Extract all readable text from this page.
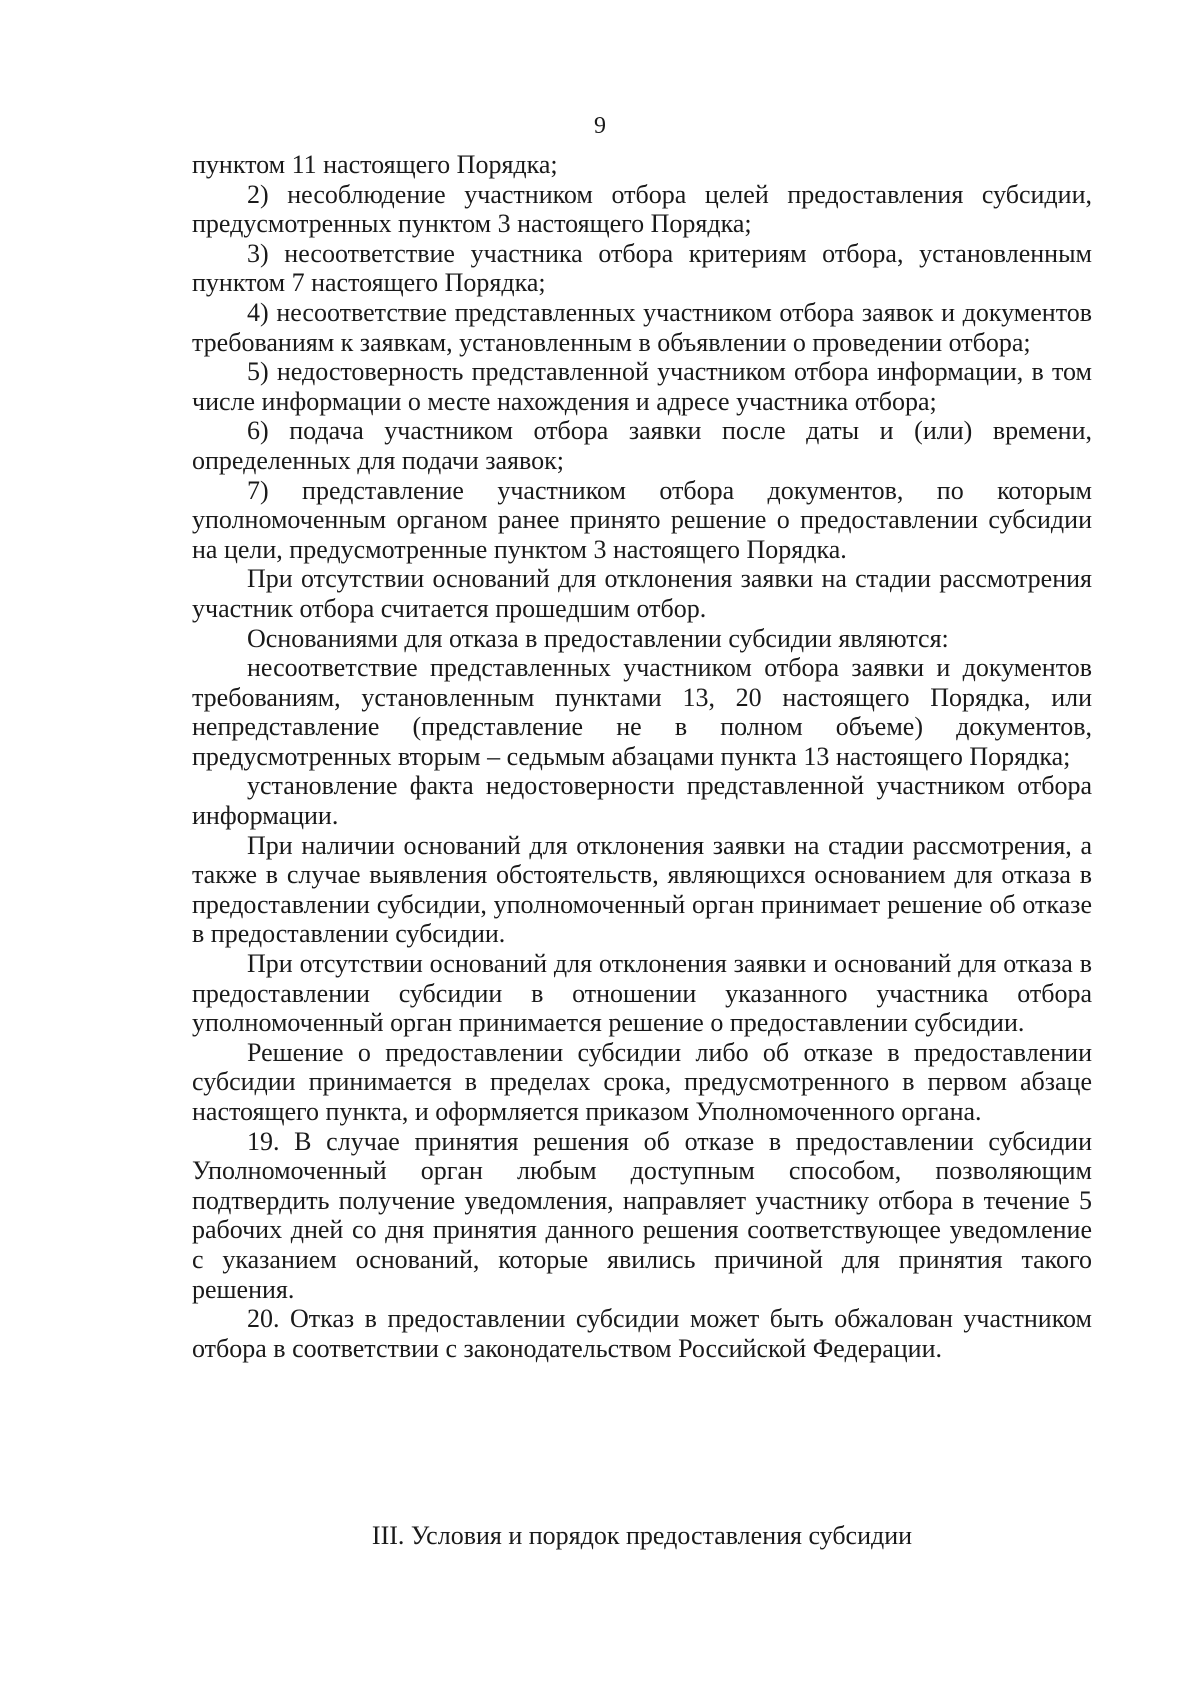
9

пунктом 11 настоящего Порядка;

2) несоблюдение участником отбора целей предоставления субсидии, предусмотренных пунктом 3 настоящего Порядка;

3) несоответствие участника отбора критериям отбора, установленным пунктом 7 настоящего Порядка;

4) несоответствие представленных участником отбора заявок и документов требованиям к заявкам, установленным в объявлении о проведении отбора;

5) недостоверность представленной участником отбора информации, в том числе информации о месте нахождения и адресе участника отбора;

6) подача участником отбора заявки после даты и (или) времени, определенных для подачи заявок;

7) представление участником отбора документов, по которым уполномоченным органом ранее принято решение о предоставлении субсидии на цели, предусмотренные пунктом 3 настоящего Порядка.

При отсутствии оснований для отклонения заявки на стадии рассмотрения участник отбора считается прошедшим отбор.

Основаниями для отказа в предоставлении субсидии являются:

несоответствие представленных участником отбора заявки и документов требованиям, установленным пунктами 13, 20 настоящего Порядка, или непредставление (представление не в полном объеме) документов, предусмотренных вторым – седьмым абзацами пункта 13 настоящего Порядка;

установление факта недостоверности представленной участником отбора информации.

При наличии оснований для отклонения заявки на стадии рассмотрения, а также в случае выявления обстоятельств, являющихся основанием для отказа в предоставлении субсидии, уполномоченный орган принимает решение об отказе в предоставлении субсидии.

При отсутствии оснований для отклонения заявки и оснований для отказа в предоставлении субсидии в отношении указанного участника отбора уполномоченный орган принимается решение о предоставлении субсидии.

Решение о предоставлении субсидии либо об отказе в предоставлении субсидии принимается в пределах срока, предусмотренного в первом абзаце настоящего пункта, и оформляется приказом Уполномоченного органа.

19. В случае принятия решения об отказе в предоставлении субсидии Уполномоченный орган любым доступным способом, позволяющим подтвердить получение уведомления, направляет участнику отбора в течение 5 рабочих дней со дня принятия данного решения соответствующее уведомление с указанием оснований, которые явились причиной для принятия такого решения.

20. Отказ в предоставлении субсидии может быть обжалован участником отбора в соответствии с законодательством Российской Федерации.

III. Условия и порядок предоставления субсидии
